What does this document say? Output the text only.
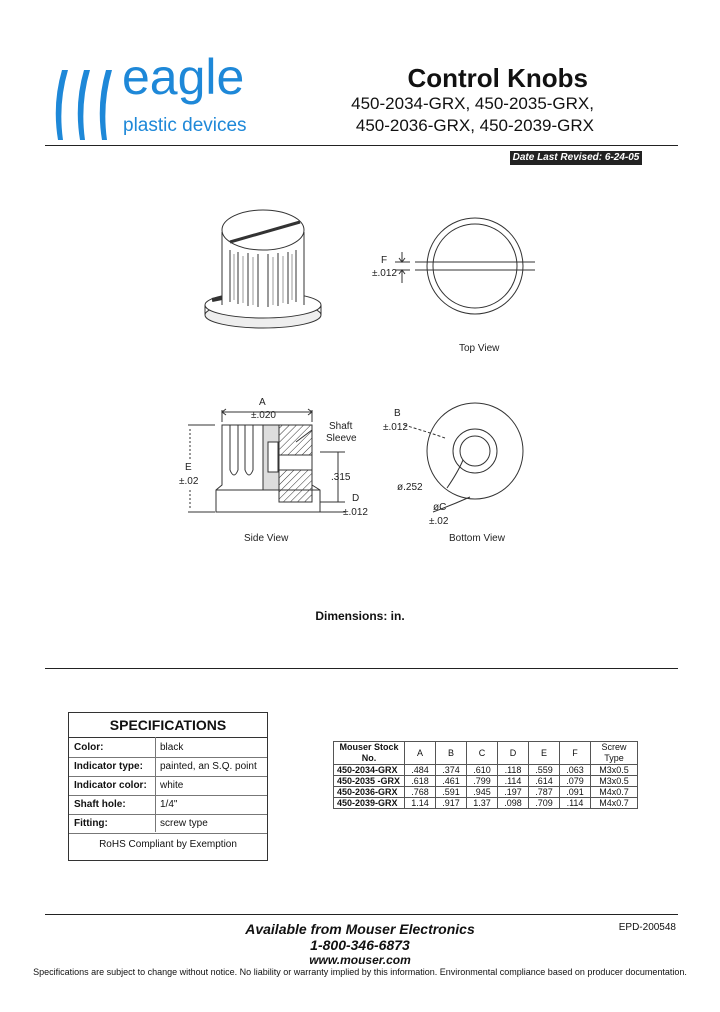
eagle
plastic devices
Control Knobs
450-2034-GRX, 450-2035-GRX,
450-2036-GRX, 450-2039-GRX
Date Last Revised: 6-24-05
F
±.012
Top View
A
±.020
Shaft
Sleeve
E
±.02	.315
D
±.012
Side View
B
±.012
ø.252
øC
±.02
Bottom View
Dimensions: in.
SPECIFICATIONS
Color:	black
Indicator type: painted, an S.Q. point
Indicator color: white
Shaft hole:	1/4"
Fitting:	screw type
RoHS Compliant by Exemption
Mouser Stock No.	A	B	C	D	E	F	Screw Type
450-2034-GRX	.484	.374	.610	.118	.559	.063	M3x0.5
450-2035 -GRX	.618	.461	.799	.114	.614	.079	M3x0.5
450-2036-GRX	.768	.591	.945	.197	.787	.091	M4x0.7
450-2039-GRX	1.14	.917	1.37	.098	.709	.114	M4x0.7
Available from Mouser Electronics
1-800-346-6873
www.mouser.com
EPD-200548
Specifications are subject to change without notice. No liability or warranty implied by this information. Environmental compliance based on producer documentation.
